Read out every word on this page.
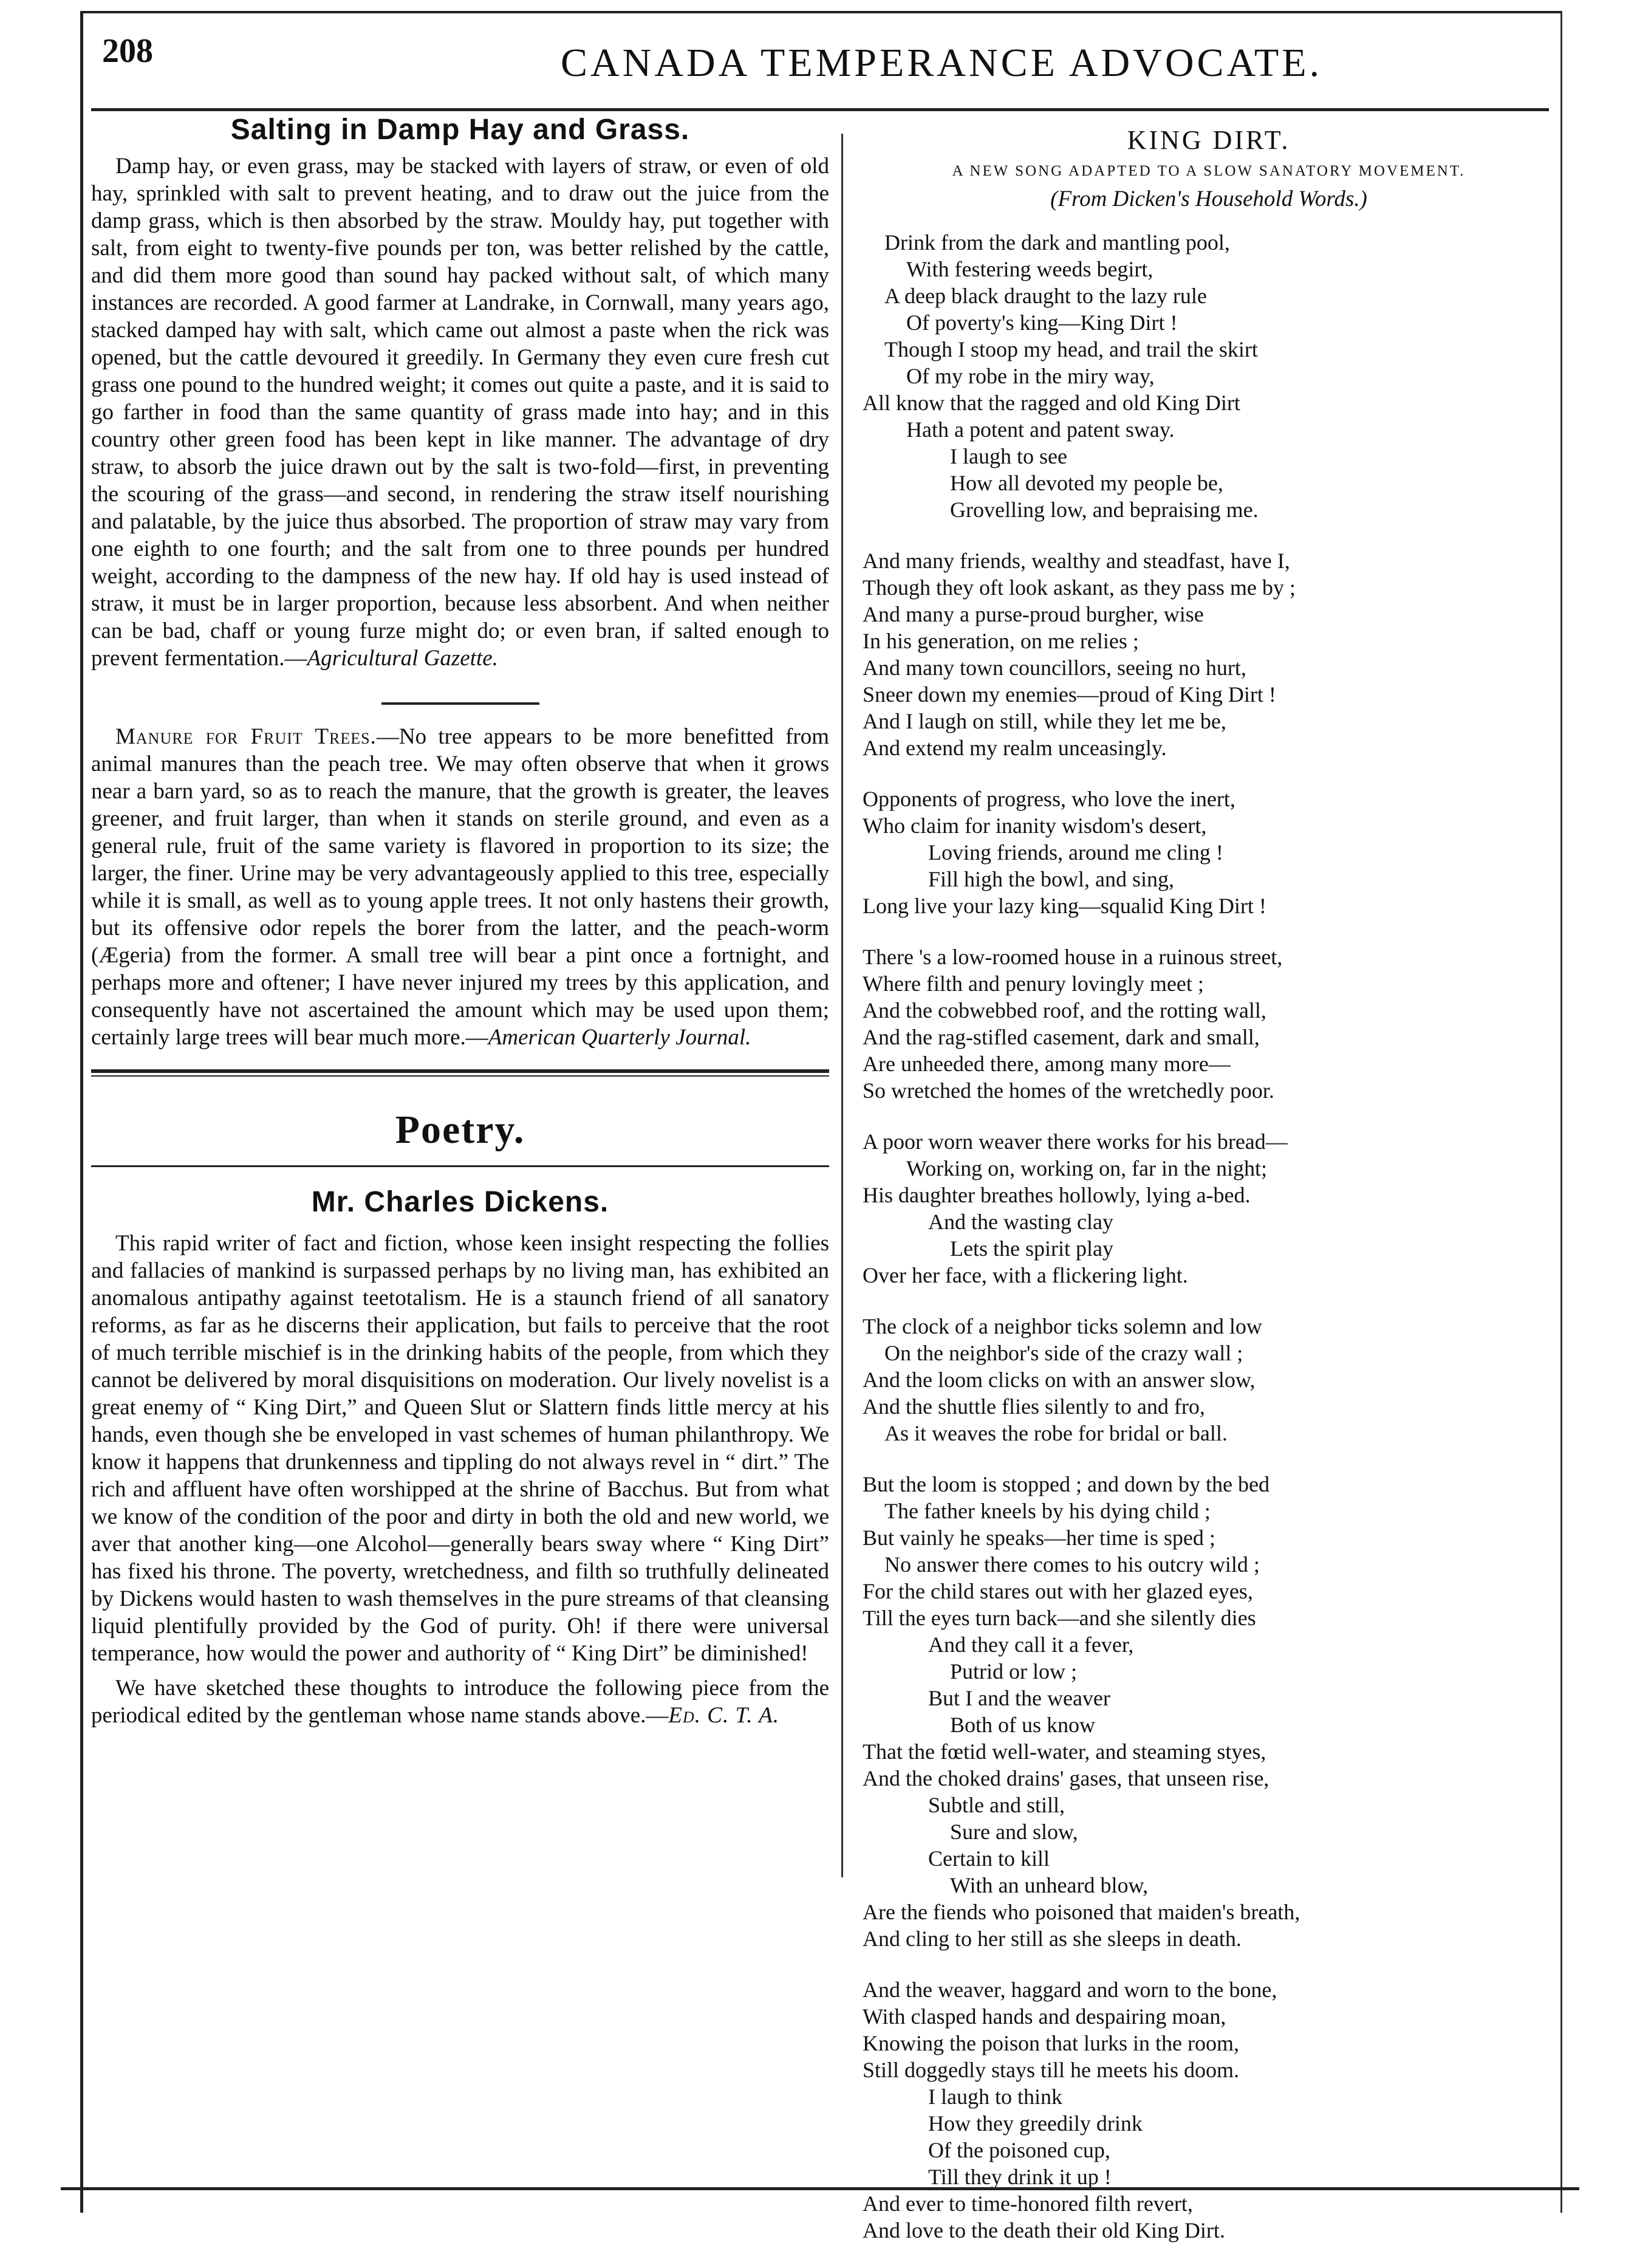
208	CANADA TEMPERANCE ADVOCATE.
Salting in Damp Hay and Grass.

Damp hay, or even grass, may be stacked with layers of straw, or even of old hay, sprinkled with salt to prevent heating, and to draw out the juice from the damp grass, which is then absorbed by the straw. Mouldy hay, put together with salt, from eight to twenty-five pounds per ton, was better relished by the cattle, and did them more good than sound hay packed without salt, of which many instances are recorded. A good farmer at Landrake, in Cornwall, many years ago, stacked damped hay with salt, which came out almost a paste when the rick was opened, but the cattle devoured it greedily. In Germany they even cure fresh cut grass one pound to the hundred weight; it comes out quite a paste, and it is said to go farther in food than the same quantity of grass made into hay; and in this country other green food has been kept in like manner. The advantage of dry straw, to absorb the juice drawn out by the salt is two-fold—first, in preventing the scouring of the grass—and second, in rendering the straw itself nourishing and palatable, by the juice thus absorbed. The proportion of straw may vary from one eighth to one fourth; and the salt from one to three pounds per hundred weight, according to the dampness of the new hay. If old hay is used instead of straw, it must be in larger proportion, because less absorbent. And when neither can be bad, chaff or young furze might do; or even bran, if salted enough to prevent fermentation.—Agricultural Gazette.

Manure for Fruit Trees.—No tree appears to be more benefitted from animal manures than the peach tree. We may often observe that when it grows near a barn yard, so as to reach the manure, that the growth is greater, the leaves greener, and fruit larger, than when it stands on sterile ground, and even as a general rule, fruit of the same variety is flavored in proportion to its size; the larger, the finer. Urine may be very advantageously applied to this tree, especially while it is small, as well as to young apple trees. It not only hastens their growth, but its offensive odor repels the borer from the latter, and the peach-worm (Ægeria) from the former. A small tree will bear a pint once a fortnight, and perhaps more and oftener; I have never injured my trees by this application, and consequently have not ascertained the amount which may be used upon them; certainly large trees will bear much more.—American Quarterly Journal.

Poetry.
Mr. Charles Dickens.

This rapid writer of fact and fiction, whose keen insight respecting the follies and fallacies of mankind is surpassed perhaps by no living man, has exhibited an anomalous antipathy against teetotalism. He is a staunch friend of all sanatory reforms, as far as he discerns their application, but fails to perceive that the root of much terrible mischief is in the drinking habits of the people, from which they cannot be delivered by moral disquisitions on moderation. Our lively novelist is a great enemy of “ King Dirt,” and Queen Slut or Slattern finds little mercy at his hands, even though she be enveloped in vast schemes of human philanthropy. We know it happens that drunkenness and tippling do not always revel in “ dirt.” The rich and affluent have often worshipped at the shrine of Bacchus. But from what we know of the condition of the poor and dirty in both the old and new world, we aver that another king—one Alcohol—generally bears sway where “ King Dirt” has fixed his throne. The poverty, wretchedness, and filth so truthfully delineated by Dickens would hasten to wash themselves in the pure streams of that cleansing liquid plentifully provided by the God of purity. Oh! if there were universal temperance, how would the power and authority of “ King Dirt” be diminished!

We have sketched these thoughts to introduce the following piece from the periodical edited by the gentleman whose name stands above.—Ed. C. T. A.

KING DIRT.
A NEW SONG ADAPTED TO A SLOW SANATORY MOVEMENT.
(From Dicken's Household Words.)
Drink from the dark and mantling pool,
With festering weeds begirt,
A deep black draught to the lazy rule
Of poverty's king—King Dirt !
Though I stoop my head, and trail the skirt
Of my robe in the miry way,
All know that the ragged and old King Dirt
Hath a potent and patent sway.
I laugh to see
How all devoted my people be,
Grovelling low, and bepraising me.
And many friends, wealthy and steadfast, have I,
Though they oft look askant, as they pass me by ;
And many a purse-proud burgher, wise
In his generation, on me relies ;
And many town councillors, seeing no hurt,
Sneer down my enemies—proud of King Dirt !
And I laugh on still, while they let me be,
And extend my realm unceasingly.
Opponents of progress, who love the inert,
Who claim for inanity wisdom's desert,
Loving friends, around me cling !
Fill high the bowl, and sing,
Long live your lazy king—squalid King Dirt !
There 's a low-roomed house in a ruinous street,
Where filth and penury lovingly meet ;
And the cobwebbed roof, and the rotting wall,
And the rag-stifled casement, dark and small,
Are unheeded there, among many more—
So wretched the homes of the wretchedly poor.
A poor worn weaver there works for his bread—
Working on, working on, far in the night;
His daughter breathes hollowly, lying a-bed.
And the wasting clay
Lets the spirit play
Over her face, with a flickering light.
The clock of a neighbor ticks solemn and low
On the neighbor's side of the crazy wall ;
And the loom clicks on with an answer slow,
And the shuttle flies silently to and fro,
As it weaves the robe for bridal or ball.
But the loom is stopped ; and down by the bed
The father kneels by his dying child ;
But vainly he speaks—her time is sped ;
No answer there comes to his outcry wild ;
For the child stares out with her glazed eyes,
Till the eyes turn back—and she silently dies
And they call it a fever,
Putrid or low ;
But I and the weaver
Both of us know
That the fœtid well-water, and steaming styes,
And the choked drains' gases, that unseen rise,
Subtle and still,
Sure and slow,
Certain to kill
With an unheard blow,
Are the fiends who poisoned that maiden's breath,
And cling to her still as she sleeps in death.
And the weaver, haggard and worn to the bone,
With clasped hands and despairing moan,
Knowing the poison that lurks in the room,
Still doggedly stays till he meets his doom.
I laugh to think
How they greedily drink
Of the poisoned cup,
Till they drink it up !
And ever to time-honored filth revert,
And love to the death their old King Dirt.
